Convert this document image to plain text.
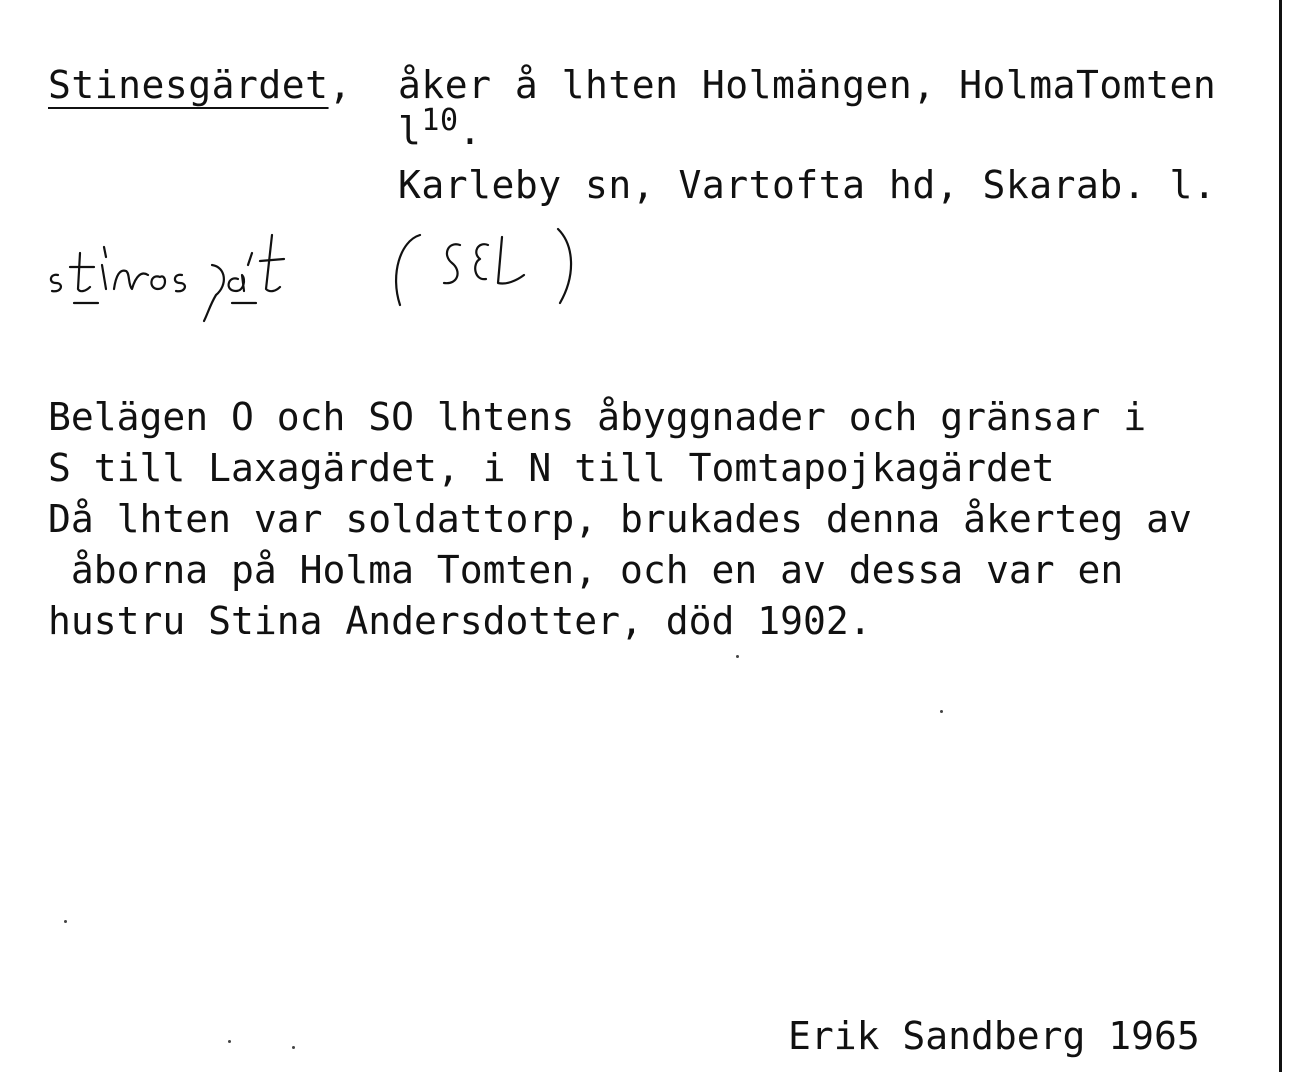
Stinesgärdet, åker å lhten Holmängen, HolmaTomten
$l^{10}$.
Karleby sn, Vartofta hd, Skarab. l.
Belägen O och SO lhtens åbyggnader och gränsar i
S till Laxagärdet, i N till Tomtapojkagärdet
Då lhten var soldattorp, brukades denna åkerteg av
åborna på Holma Tomten, och en av dessa var en
hustru Stina Andersdotter, död 1902.
Erik Sandberg 1965
